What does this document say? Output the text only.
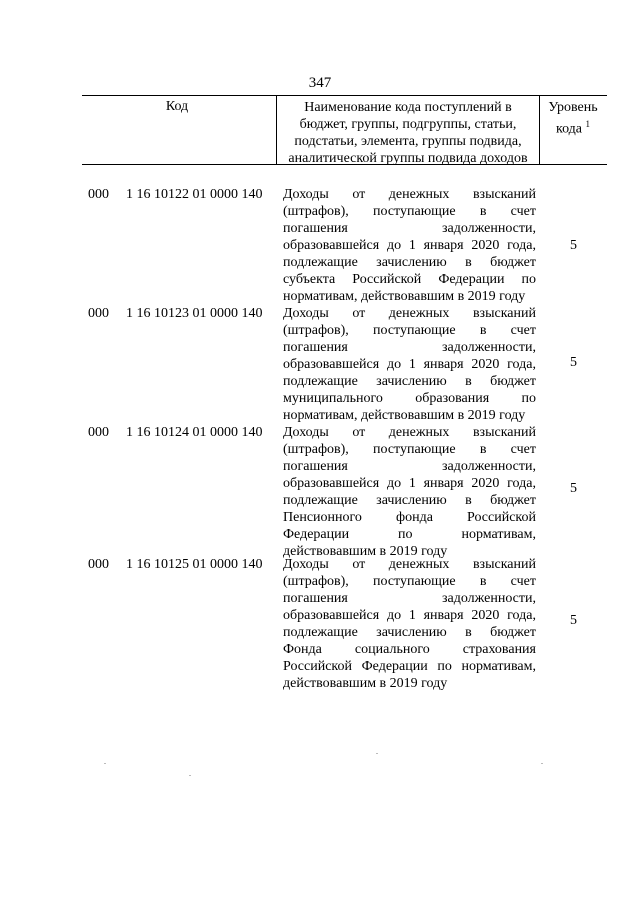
347
Код	Наименование кода поступлений в
бюджет, группы, подгруппы, статьи,
подстатьи, элемента, группы подвида,
аналитической группы подвида доходов
Уровень
кода $^1$
000 1 16 10122 01 0000 140 Доходы от денежных взысканий
(штрафов), поступающие в счет
погашения задолженности,
образовавшейся до 1 января 2020 года,
подлежащие зачислению в бюджет
субъекта Российской Федерации по
нормативам, действовавшим в 2019 году
5
000 1 16 10123 01 0000 140 Доходы от денежных взысканий
(штрафов), поступающие в счет
погашения задолженности,
образовавшейся до 1 января 2020 года,
подлежащие зачислению в бюджет
муниципального образования по
нормативам, действовавшим в 2019 году
5
000 1 16 10124 01 0000 140 Доходы от денежных взысканий
(штрафов), поступающие в счет
погашения задолженности,
образовавшейся до 1 января 2020 года,
подлежащие зачислению в бюджет
Пенсионного фонда Российской
Федерации по нормативам,
действовавшим в 2019 году
5
000 1 16 10125 01 0000 140 Доходы от денежных взысканий
(штрафов), поступающие в счет
погашения задолженности,
образовавшейся до 1 января 2020 года,
подлежащие зачислению в бюджет
Фонда социального страхования
Российской Федерации по нормативам,
действовавшим в 2019 году
5
